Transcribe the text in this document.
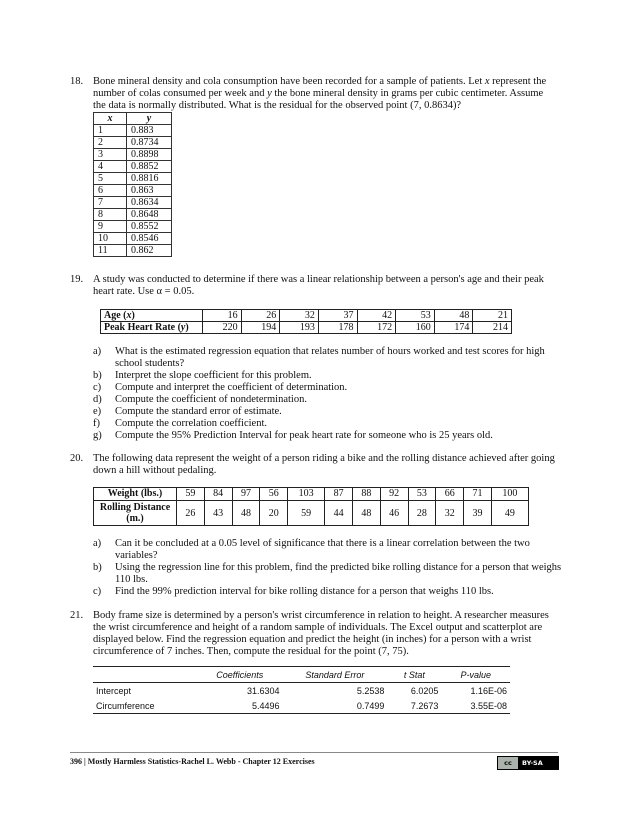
18. Bone mineral density and cola consumption have been recorded for a sample of patients. Let x represent the number of colas consumed per week and y the bone mineral density in grams per cubic centimeter. Assume the data is normally distributed. What is the residual for the observed point (7, 0.8634)?
x	y
1	0.883
2	0.8734
3	0.8898
4	0.8852
5	0.8816
6	0.863
7	0.8634
8	0.8648
9	0.8552
10	0.8546
11	0.862
19. A study was conducted to determine if there was a linear relationship between a person's age and their peak heart rate. Use α = 0.05.
Age (x)	16	26	32	37	42	53	48	21
Peak Heart Rate (y)	220	194	193	178	172	160	174	214
a) What is the estimated regression equation that relates number of hours worked and test scores for high school students?
b) Interpret the slope coefficient for this problem.
c) Compute and interpret the coefficient of determination.
d) Compute the coefficient of nondetermination.
e) Compute the standard error of estimate.
f) Compute the correlation coefficient.
g) Compute the 95% Prediction Interval for peak heart rate for someone who is 25 years old.
20. The following data represent the weight of a person riding a bike and the rolling distance achieved after going down a hill without pedaling.
Weight (lbs.)	59	84	97	56	103	87	88	92	53	66	71	100
Rolling Distance (m.)	26	43	48	20	59	44	48	46	28	32	39	49
a) Can it be concluded at a 0.05 level of significance that there is a linear correlation between the two variables?
b) Using the regression line for this problem, find the predicted bike rolling distance for a person that weighs 110 lbs.
c) Find the 99% prediction interval for bike rolling distance for a person that weighs 110 lbs.
21. Body frame size is determined by a person's wrist circumference in relation to height. A researcher measures the wrist circumference and height of a random sample of individuals. The Excel output and scatterplot are displayed below. Find the regression equation and predict the height (in inches) for a person with a wrist circumference of 7 inches. Then, compute the residual for the point (7, 75).
	Coefficients	Standard Error	t Stat	P-value
Intercept	31.6304	5.2538	6.0205	1.16E-06
Circumference	5.4496	0.7499	7.2673	3.55E-08
396 | Mostly Harmless Statistics-Rachel L. Webb - Chapter 12 Exercises	cc	BY-SA
